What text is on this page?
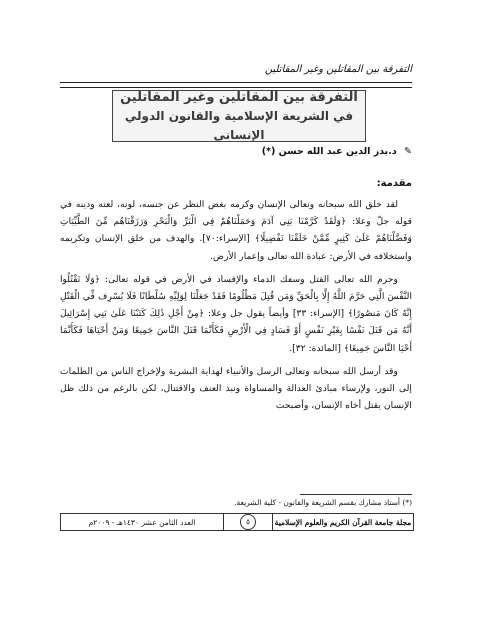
التفرقة بين المقاتلين وغير المقاتلين
التفرقة بين المقاتلين وغير المقاتلين
في الشريعة الإسلامية والقانون الدولي الإنساني
✎ د.بدر الدين عبد الله حسن (*)
مقدمة:

لقد خلق الله سبحانه وتعالى الإنسان وكرمه بغض النظر عن جنسه، لونه، لغته ودينه في قوله جلّ وعلا: ﴿وَلَقَدْ كَرَّمْنَا بَنِي آدَمَ وَحَمَلْنَاهُمْ فِي الْبَرِّ وَالْبَحْرِ وَرَزَقْنَاهُم مِّنَ الطَّيِّبَاتِ وَفَضَّلْنَاهُمْ عَلَىٰ كَثِيرٍ مِّمَّنْ خَلَقْنَا تَفْضِيلًا﴾ [الإسراء:٧٠]. والهدف من خلق الإنسان وتكريمه واستخلافه في الأرض: عبادة الله تعالى وإعمار الأرض.

وحرم الله تعالى القتل وسفك الدماء والإفساد في الأرض في قوله تعالى: ﴿وَلَا تَقْتُلُوا النَّفْسَ الَّتِي حَرَّمَ اللَّهُ إِلَّا بِالْحَقِّ وَمَن قُتِلَ مَظْلُومًا فَقَدْ جَعَلْنَا لِوَلِيِّهِ سُلْطَانًا فَلَا يُسْرِف فِّي الْقَتْلِ إِنَّهُ كَانَ مَنصُورًا﴾ [الإسراء: ٣٣] وأيضاً يقول جل وعلا: ﴿مِنْ أَجْلِ ذَٰلِكَ كَتَبْنَا عَلَىٰ بَنِي إِسْرَائِيلَ أَنَّهُ مَن قَتَلَ نَفْسًا بِغَيْرِ نَفْسٍ أَوْ فَسَادٍ فِي الْأَرْضِ فَكَأَنَّمَا قَتَلَ النَّاسَ جَمِيعًا وَمَنْ أَحْيَاهَا فَكَأَنَّمَا أَحْيَا النَّاسَ جَمِيعًا﴾ [المائدة: ٣٢].

وقد أرسل الله سبحانه وتعالى الرسل والأنبياء لهداية البشرية ولإخراج الناس من الظلمات إلى النور، ولإرساء مبادئ العدالة والمساواة ونبذ العنف والاقتتال، لكن بالرغم من ذلك ظل الإنسان يقتل أخاه الإنسان، وأصبحت

(*) أستاذ مشارك بقسم الشريعة والقانون - كلية الشريعة.
مجلة جامعة القرآن الكريم والعلوم الإسلامية
٥
العدد الثامن عشر ١٤٣٠هـ - ٢٠٠٩م
